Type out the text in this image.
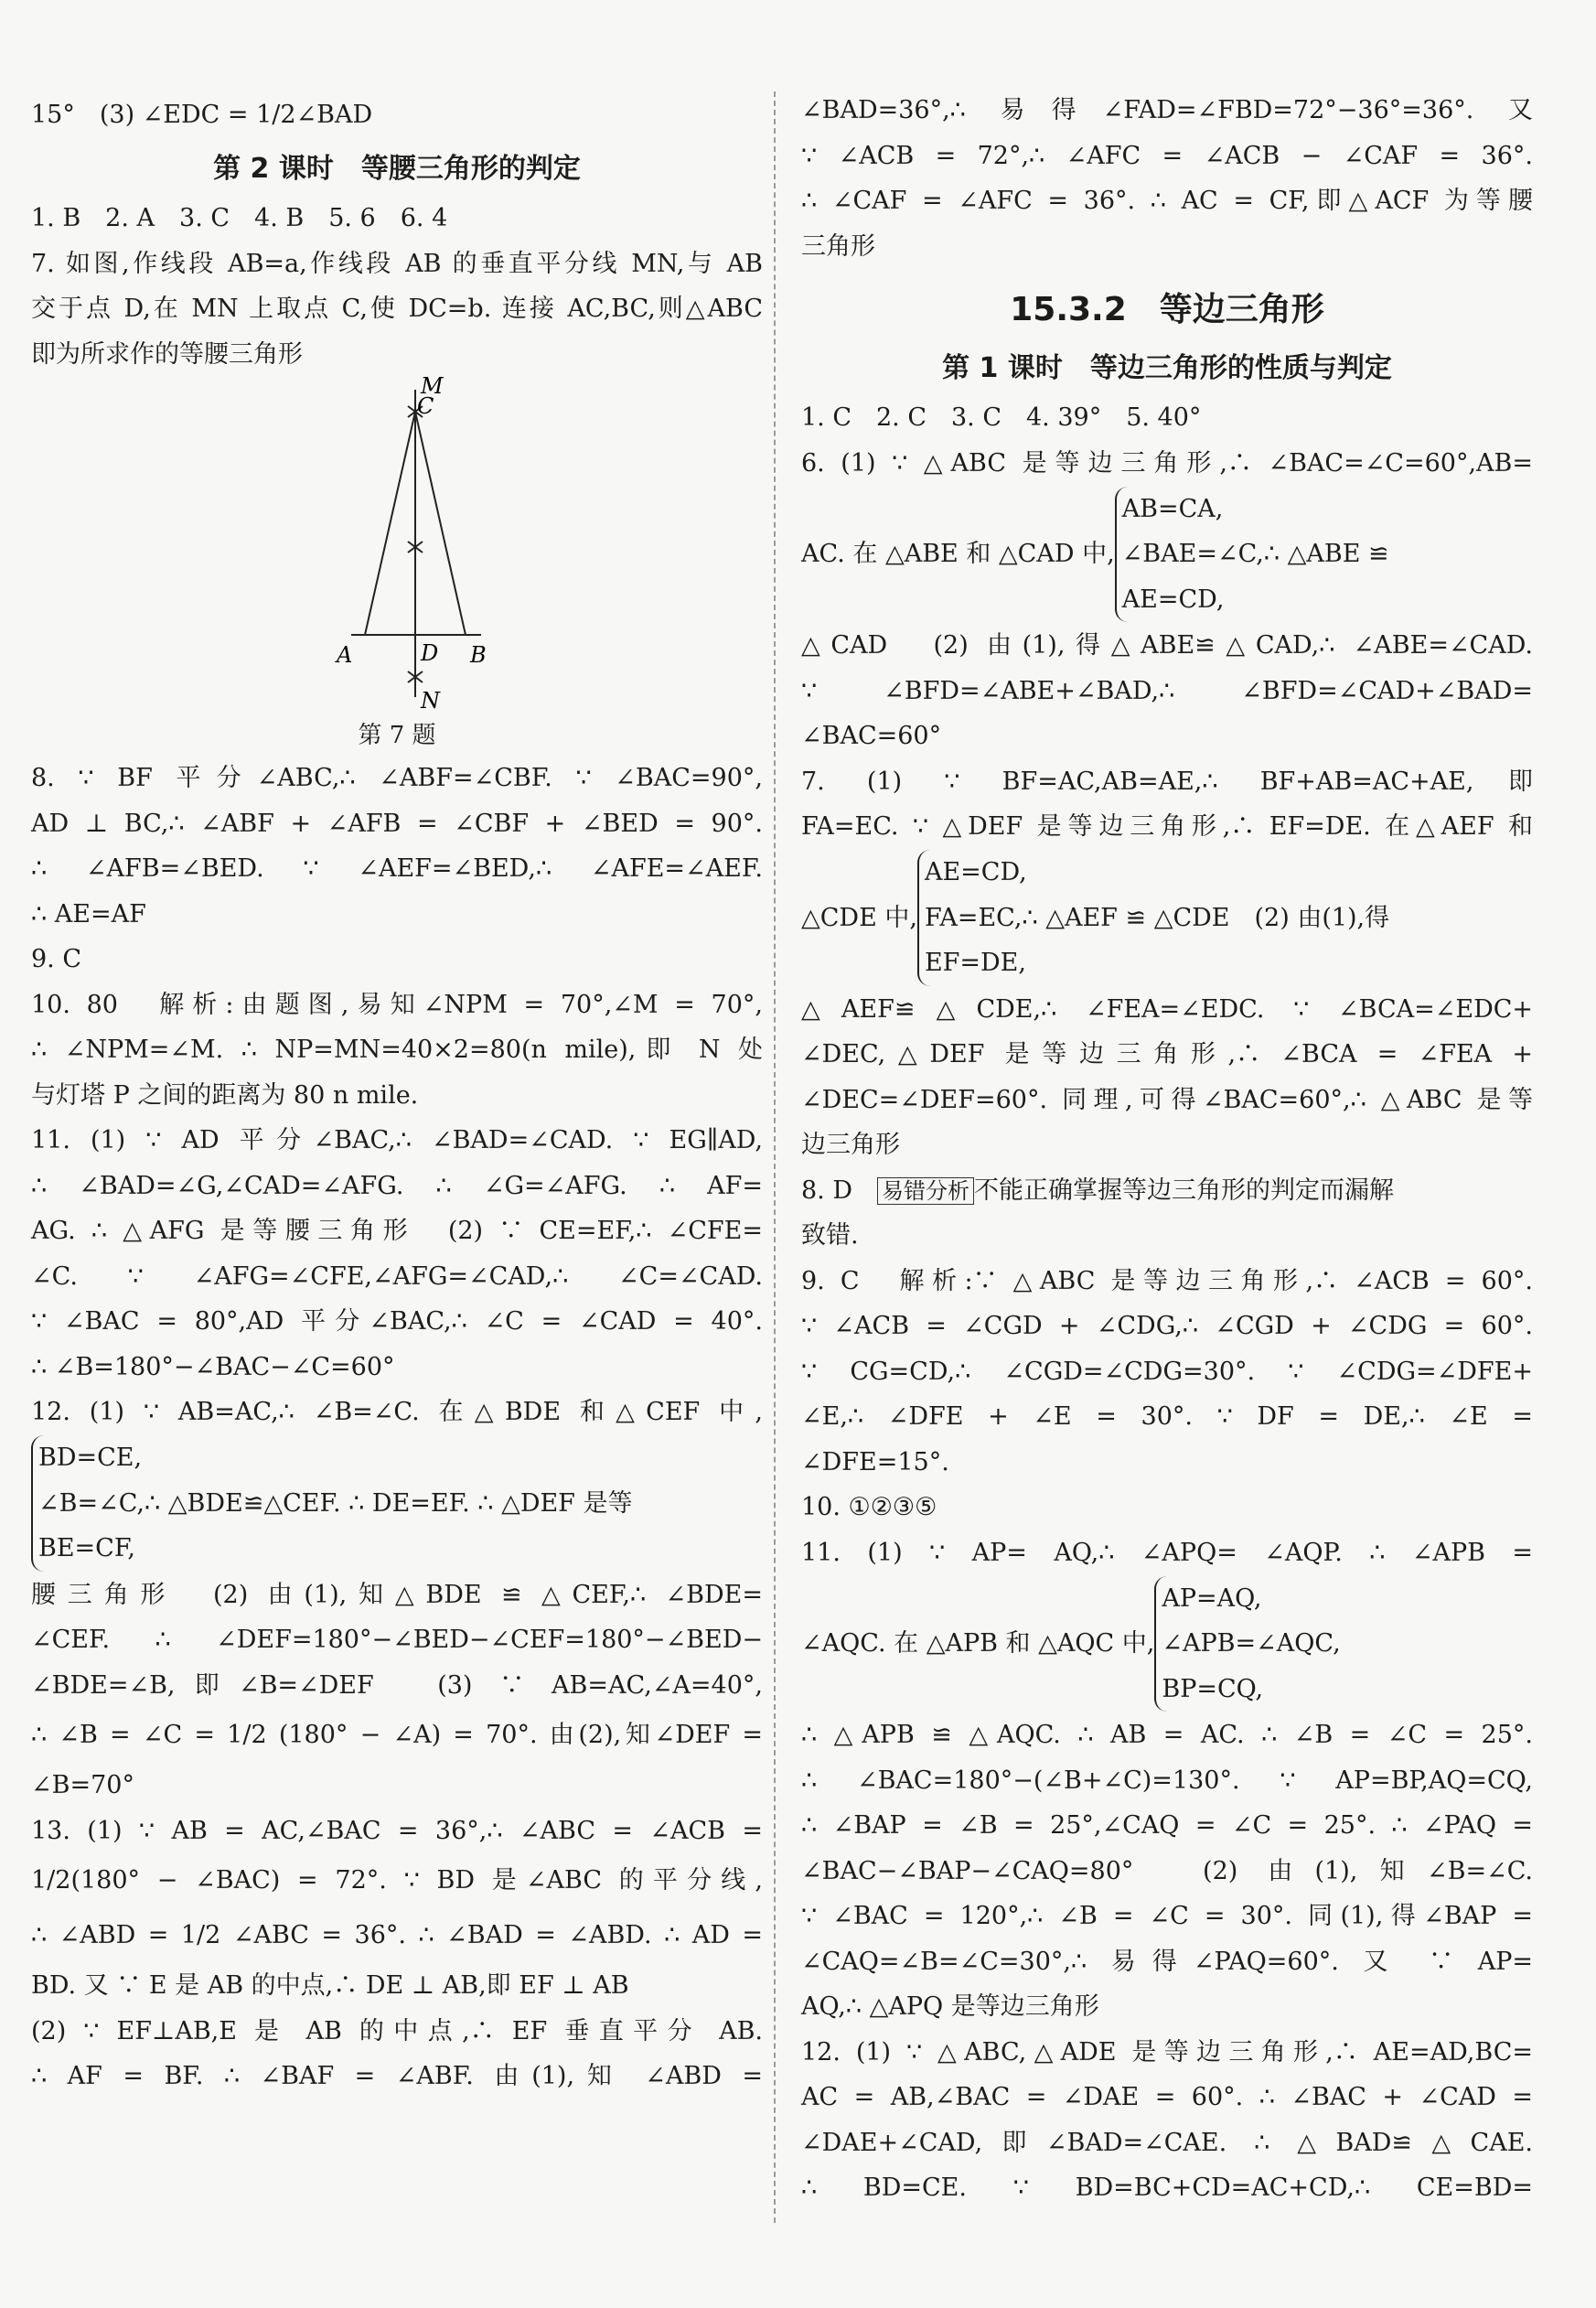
15°　(3) ∠EDC = 1/2∠BAD
第 2 课时　等腰三角形的判定
1. B　2. A　3. C　4. B　5. 6　6. 4
7. 如图,作线段 AB=a,作线段 AB 的垂直平分线 MN,与 AB
交于点 D,在 MN 上取点 C,使 DC=b. 连接 AC,BC,则△ABC
即为所求作的等腰三角形
M
C
A	D B
N
第 7 题
8. ∵ BF 平分∠ABC,∴ ∠ABF=∠CBF. ∵ ∠BAC=90°,
AD ⊥ BC,∴ ∠ABF + ∠AFB = ∠CBF + ∠BED = 90°.
∴ ∠AFB=∠BED. ∵ ∠AEF=∠BED,∴ ∠AFE=∠AEF.
∴ AE=AF
9. C
10. 80　解析:由题图,易知∠NPM = 70°,∠M = 70°,
∴ ∠NPM=∠M. ∴ NP=MN=40×2=80(n mile),即 N 处
与灯塔 P 之间的距离为 80 n mile.
11. (1) ∵ AD 平分∠BAC,∴ ∠BAD=∠CAD. ∵ EG∥AD,
∴ ∠BAD=∠G,∠CAD=∠AFG. ∴ ∠G=∠AFG. ∴ AF=
AG. ∴ △AFG 是等腰三角形　(2) ∵ CE=EF,∴ ∠CFE=
∠C. ∵ ∠AFG=∠CFE,∠AFG=∠CAD,∴ ∠C=∠CAD.
∵ ∠BAC = 80°,AD 平分∠BAC,∴ ∠C = ∠CAD = 40°.
∴ ∠B=180°−∠BAC−∠C=60°
12. (1) ∵ AB=AC,∴ ∠B=∠C. 在△BDE 和△CEF 中,
BD=CE,
∠B=∠C,∴ △BDE≌△CEF. ∴ DE=EF. ∴ △DEF 是等
BE=CF,
腰三角形　(2) 由(1),知△BDE ≌ △CEF,∴ ∠BDE=
∠CEF. ∴ ∠DEF=180°−∠BED−∠CEF=180°−∠BED−
∠BDE=∠B,即∠B=∠DEF　(3) ∵ AB=AC,∠A=40°,
∴ ∠B = ∠C = 1/2 (180° − ∠A) = 70°. 由(2),知∠DEF =
∠B=70°
13. (1) ∵ AB = AC,∠BAC = 36°,∴ ∠ABC = ∠ACB =
1/2(180° − ∠BAC) = 72°. ∵ BD 是∠ABC 的平分线,
∴ ∠ABD = 1/2 ∠ABC = 36°. ∴ ∠BAD = ∠ABD. ∴ AD =
BD. 又 ∵ E 是 AB 的中点,∴ DE ⊥ AB,即 EF ⊥ AB
(2) ∵ EF⊥AB,E 是 AB 的中点,∴ EF 垂直平分 AB.
∴ AF = BF. ∴ ∠BAF = ∠ABF. 由(1),知 ∠ABD =
∠BAD=36°,∴ 易得∠FAD=∠FBD=72°−36°=36°. 又
∵ ∠ACB = 72°,∴ ∠AFC = ∠ACB − ∠CAF = 36°.
∴ ∠CAF = ∠AFC = 36°. ∴ AC = CF,即△ACF 为等腰
三角形
15.3.2　等边三角形
第 1 课时　等边三角形的性质与判定
1. C　2. C　3. C　4. 39°　5. 40°
6. (1) ∵ △ABC 是等边三角形,∴ ∠BAC=∠C=60°,AB=
AC. 在 △ABE 和 △CAD 中,
AB=CA,
∠BAE=∠C,∴ △ABE ≌
AE=CD,
△CAD　(2) 由(1),得△ABE≌△CAD,∴ ∠ABE=∠CAD.
∵ ∠BFD=∠ABE+∠BAD,∴ ∠BFD=∠CAD+∠BAD=
∠BAC=60°
7. (1) ∵ BF=AC,AB=AE,∴ BF+AB=AC+AE,即
FA=EC. ∵ △DEF 是等边三角形,∴ EF=DE. 在△AEF 和
△CDE 中,
AE=CD,
FA=EC,∴ △AEF ≌ △CDE　(2) 由(1),得
EF=DE,
△AEF≌△CDE,∴ ∠FEA=∠EDC. ∵ ∠BCA=∠EDC+
∠DEC,△DEF 是等边三角形,∴ ∠BCA = ∠FEA +
∠DEC=∠DEF=60°. 同理,可得∠BAC=60°,∴ △ABC 是等
边三角形
8. D　易错分析 不能正确掌握等边三角形的判定而漏解
致错.
9. C　解析:∵ △ABC 是等边三角形,∴ ∠ACB = 60°.
∵ ∠ACB = ∠CGD + ∠CDG,∴ ∠CGD + ∠CDG = 60°.
∵ CG=CD,∴ ∠CGD=∠CDG=30°. ∵ ∠CDG=∠DFE+
∠E,∴ ∠DFE + ∠E = 30°. ∵ DF = DE,∴ ∠E =
∠DFE=15°.
10. ①②③⑤
11. (1) ∵ AP= AQ,∴ ∠APQ= ∠AQP. ∴ ∠APB =
∠AQC. 在 △APB 和 △AQC 中,
AP=AQ,
∠APB=∠AQC,
BP=CQ,
∴ △APB ≌ △AQC. ∴ AB = AC. ∴ ∠B = ∠C = 25°.
∴ ∠BAC=180°−(∠B+∠C)=130°. ∵ AP=BP,AQ=CQ,
∴ ∠BAP = ∠B = 25°,∠CAQ = ∠C = 25°. ∴ ∠PAQ =
∠BAC−∠BAP−∠CAQ=80°　(2) 由(1),知∠B=∠C.
∵ ∠BAC = 120°,∴ ∠B = ∠C = 30°. 同(1),得∠BAP =
∠CAQ=∠B=∠C=30°,∴ 易得∠PAQ=60°. 又 ∵ AP=
AQ,∴ △APQ 是等边三角形
12. (1) ∵ △ABC,△ADE 是等边三角形,∴ AE=AD,BC=
AC = AB,∠BAC = ∠DAE = 60°. ∴ ∠BAC + ∠CAD =
∠DAE+∠CAD,即∠BAD=∠CAE. ∴ △BAD≌△CAE.
∴ BD=CE. ∵ BD=BC+CD=AC+CD,∴ CE=BD=
